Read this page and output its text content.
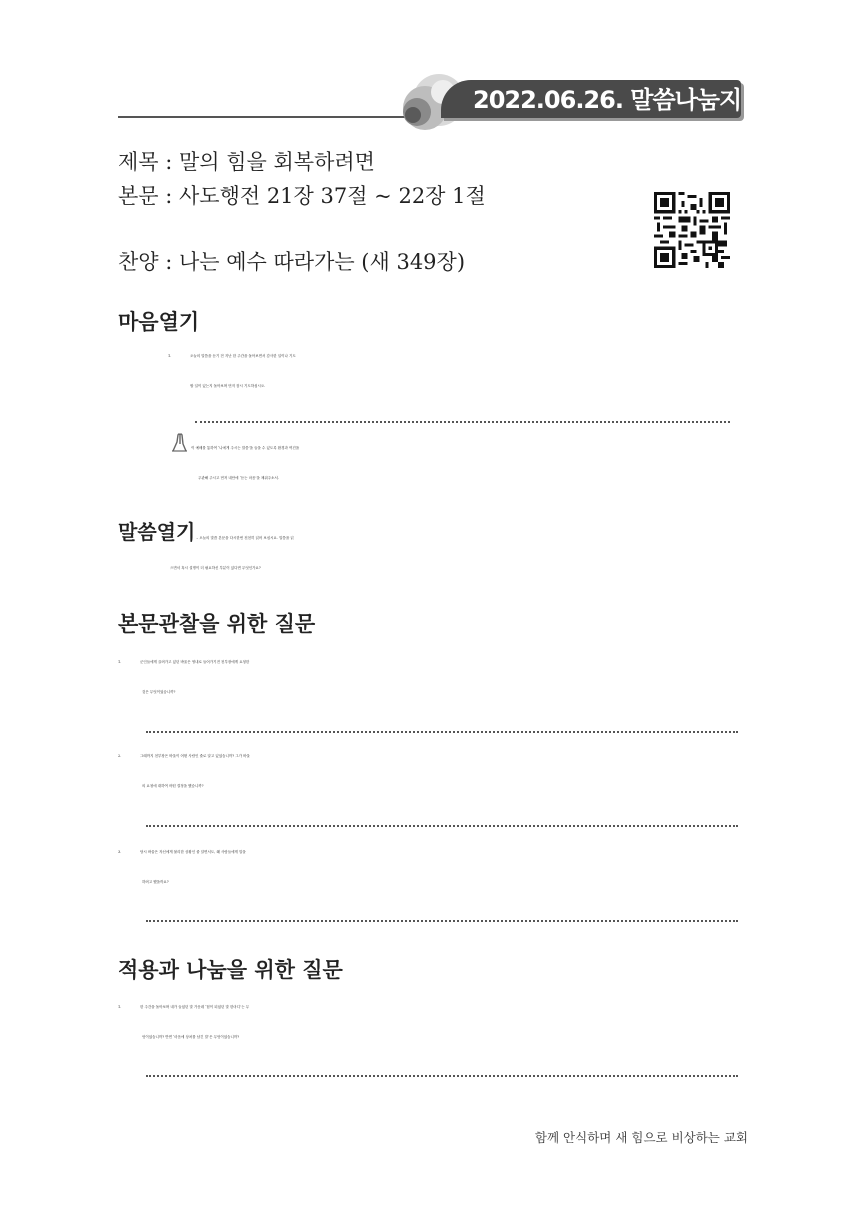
2022.06.26. 말씀나눔지
제목 : 말의 힘을 회복하려면
본문 : 사도행전 21장 37절 ~ 22장 1절
찬양 : 나는 예수 따라가는 (새 349장)
마음열기
1.	오늘의 말씀을 듣기 전 지난 한 주간을 돌아보면서 감사한 일이나 기도
할 일이 있는지 돌아보며 먼저 잠시 기도하십시오.
이 예배를 통하여 ‘나에게 주시는 말씀’을 들을 수 있도록 환경과 여건을
주관해 주시고 먼저 내안에 ‘듣는 마음’을 채워주소서.
말씀열기 – 오늘의 말씀 본문을 다시한번 천천히 읽어 보십시요. 말씀을 읽
으면서 혹시 설명이 더 필요하신 부분이 있다면 무엇인가요?
본문관찰을 위한 질문
1.	군인들에게 끌려가고 있던 바울은 영내로 들어가기전 천부장에게 요청한
것은 무엇이었습니까?
2.	그때까지 천부장은 바울이 어떤 사람인 줄로 알고 있었습니까? 그가 바울
의 요청에 대하여 어떤 결정을 했습니까?
3.	당시 바울은 자신에게 불리한 상황인 줄 알면서도, 왜 사람들에게 말을
하려고 했을까요?
적용과 나눔을 위한 질문
1.	한 주간을 돌아보며 내가 들었던 말 가운데 ‘힘이 되었던 말 한마디’는 무
엇이었습니까? 반면 ‘마음에 상처를 남긴 말’은 무엇이었습니까?
함께 안식하며 새 힘으로 비상하는 교회
